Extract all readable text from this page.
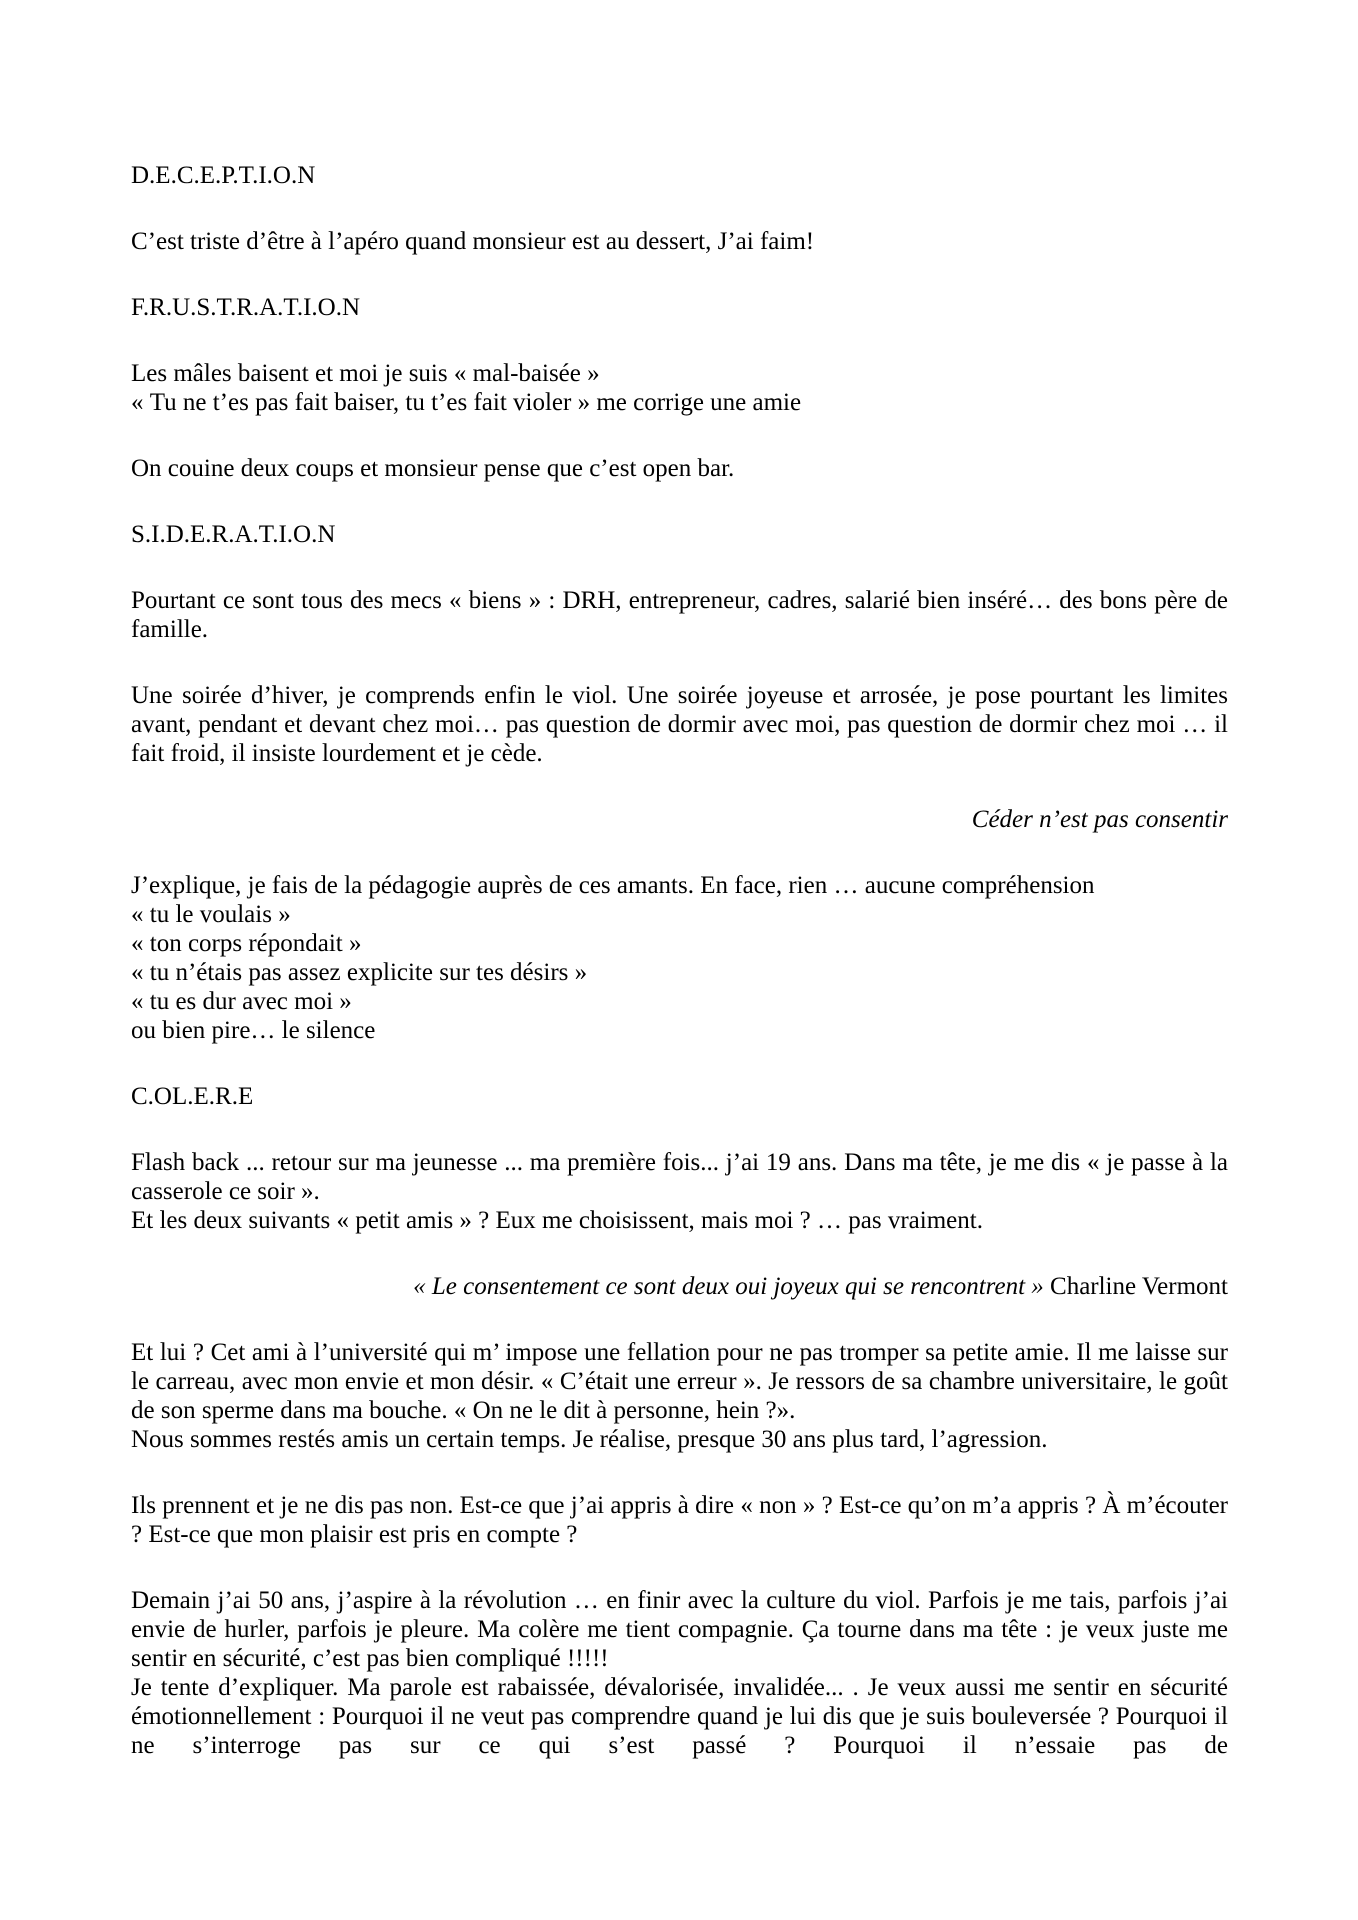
D.E.C.E.P.T.I.O.N

C’est triste d’être à l’apéro quand monsieur est au dessert, J’ai faim!

F.R.U.S.T.R.A.T.I.O.N

Les mâles baisent et moi je suis « mal-baisée »
« Tu ne t’es pas fait baiser, tu t’es fait violer » me corrige une amie

On couine deux coups et monsieur pense que c’est open bar.

S.I.D.E.R.A.T.I.O.N

Pourtant ce sont tous des mecs « biens » : DRH, entrepreneur, cadres, salarié bien inséré… des bons père de famille.

Une soirée d’hiver, je comprends enfin le viol. Une soirée joyeuse et arrosée, je pose pourtant les limites avant, pendant et devant chez moi… pas question de dormir avec moi, pas question de dormir chez moi … il fait froid, il insiste lourdement et je cède.

Céder n’est pas consentir

J’explique, je fais de la pédagogie auprès de ces amants. En face, rien … aucune compréhension
« tu le voulais »
« ton corps répondait »
« tu n’étais pas assez explicite sur tes désirs »
« tu es dur avec moi »
ou bien pire… le silence

C.OL.E.R.E

Flash back ... retour sur ma jeunesse ... ma première fois... j’ai 19 ans. Dans ma tête, je me dis « je passe à la casserole ce soir ».
Et les deux suivants « petit amis » ? Eux me choisissent, mais moi ? … pas vraiment.

« Le consentement ce sont deux oui joyeux qui se rencontrent » Charline Vermont

Et lui ? Cet ami à l’université qui m’ impose une fellation pour ne pas tromper sa petite amie. Il me laisse sur le carreau, avec mon envie et mon désir. « C’était une erreur ». Je ressors de sa chambre universitaire, le goût de son sperme dans ma bouche. « On ne le dit à personne, hein ?».
Nous sommes restés amis un certain temps. Je réalise, presque 30 ans plus tard, l’agression.

Ils prennent et je ne dis pas non. Est-ce que j’ai appris à dire « non » ? Est-ce qu’on m’a appris ? À m’écouter ? Est-ce que mon plaisir est pris en compte ?

Demain j’ai 50 ans, j’aspire à la révolution … en finir avec la culture du viol. Parfois je me tais, parfois j’ai envie de hurler, parfois je pleure. Ma colère me tient compagnie. Ça tourne dans ma tête : je veux juste me sentir en sécurité, c’est pas bien compliqué !!!!!

Je tente d’expliquer. Ma parole est rabaissée, dévalorisée, invalidée... . Je veux aussi me sentir en sécurité émotionnellement : Pourquoi il ne veut pas comprendre quand je lui dis que je suis bouleversée ? Pourquoi il ne s’interroge pas sur ce qui s’est passé ? Pourquoi il n’essaie pas de
